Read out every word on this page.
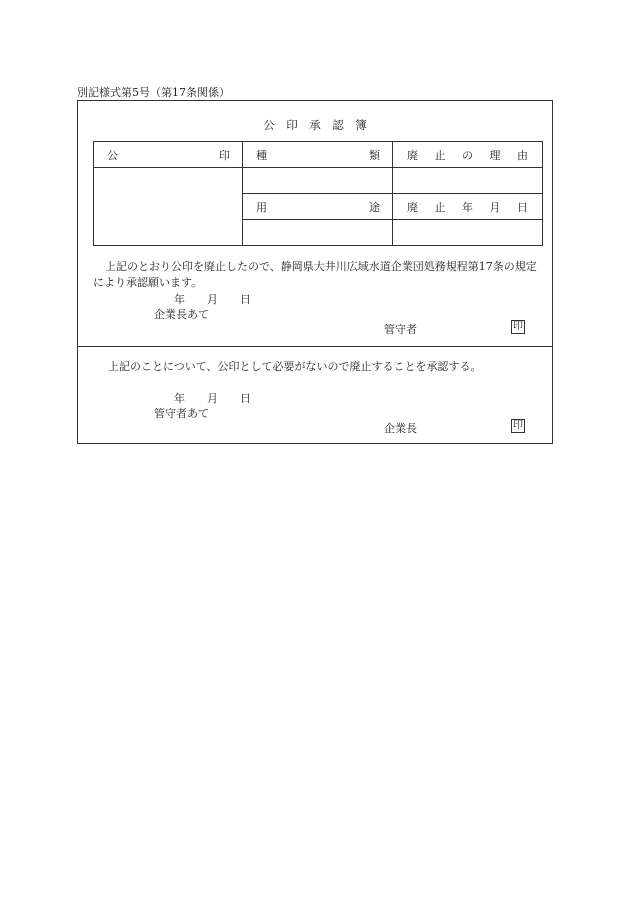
別記様式第5号（第17条関係）
公　印　承　認　簿
公 印	種 類	廃 止 の 理 由

	用 途	廃 止 年 月 日

上記のとおり公印を廃止したので、静岡県大井川広域水道企業団処務規程第17条の規定により承認願います。
年　　月　　日
企業長あて
管守者	印
上記のことについて、公印として必要がないので廃止することを承認する。
年　　月　　日
管守者あて
企業長	印
